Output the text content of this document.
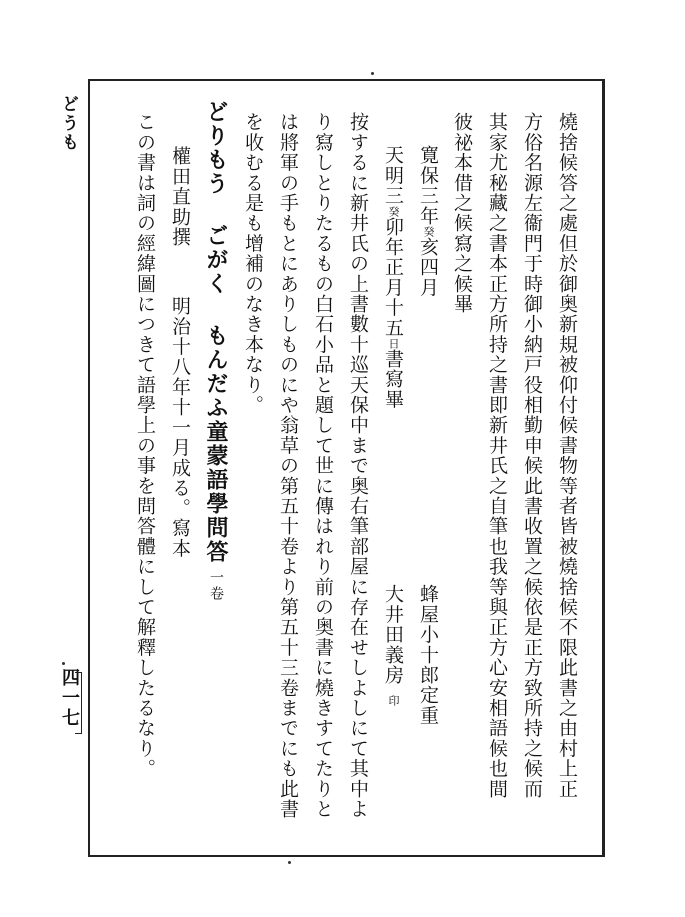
どうも
四一七	燒捨候答之處但於御奥新規被仰付候書物等者皆被燒捨候不限此書之由村上正
方俗名源左衞門于時御小納戸役相勤申候此書收置之候依是正方致所持之候而
其家尤秘藏之書本正方所持之書即新井氏之自筆也我等與正方心安相語候也間
彼祕本借之候寫之候畢
寛保三年癸亥四月
蜂屋小十郎定重
天明三癸卯年正月十五日書寫畢
大井田義房印
按するに新井氏の上書數十巡天保中まで奥右筆部屋に存在せしよしにて其中よ
り寫しとりたるもの白石小品と題して世に傳はれり前の奥書に燒きすてたりと
は將軍の手もとにありしものにや翁草の第五十卷より第五十三卷までにも此書
を收むる是も增補のなき本なり。
どりもう ごがく もんだふ
童蒙語學問答一卷
權田直助撰
明治十八年十一月成る。
寫本
この書は詞の經緯圖につきて語學上の事を問答體にして解釋したるなり。
